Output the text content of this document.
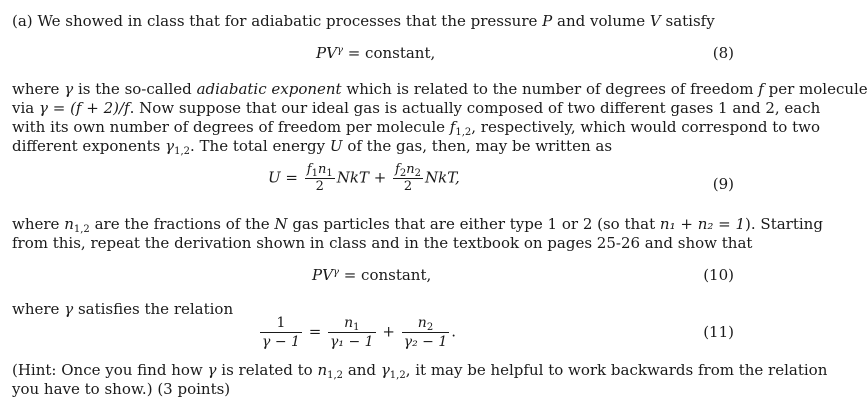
(a) We showed in class that for adiabatic processes that the pressure P and volume V satisfy
$PV^\gamma$ = constant,	(8)
where γ is the so-called adiabatic exponent which is related to the number of degrees of freedom f per molecule
via γ = (f + 2)/f. Now suppose that our ideal gas is actually composed of two different gases 1 and 2, each
with its own number of degrees of freedom per molecule $f_{1,2}$, respectively, which would correspond to two
different exponents $\gamma_{1,2}$. The total energy U of the gas, then, may be written as
$U = \frac{f_1n_1}{2}$ NkT + $\frac{f_2n_2}{2}$ NkT,	(9)
where $n_{1,2}$ are the fractions of the N gas particles that are either type 1 or 2 (so that n₁ + n₂ = 1). Starting
from this, repeat the derivation shown in class and in the textbook on pages 25-26 and show that
$PV^\gamma$ = constant,	(10)
where γ satisfies the relation
$\frac{1}{\gamma - 1} = \frac{n_1}{\text{γ₁ − 1}} + \frac{n_2}{\text{γ₂ − 1}}$ .	(11)
(Hint: Once you find how γ is related to $n_{1,2}$ and $\gamma_{1,2}$, it may be helpful to work backwards from the relation
you have to show.) (3 points)
